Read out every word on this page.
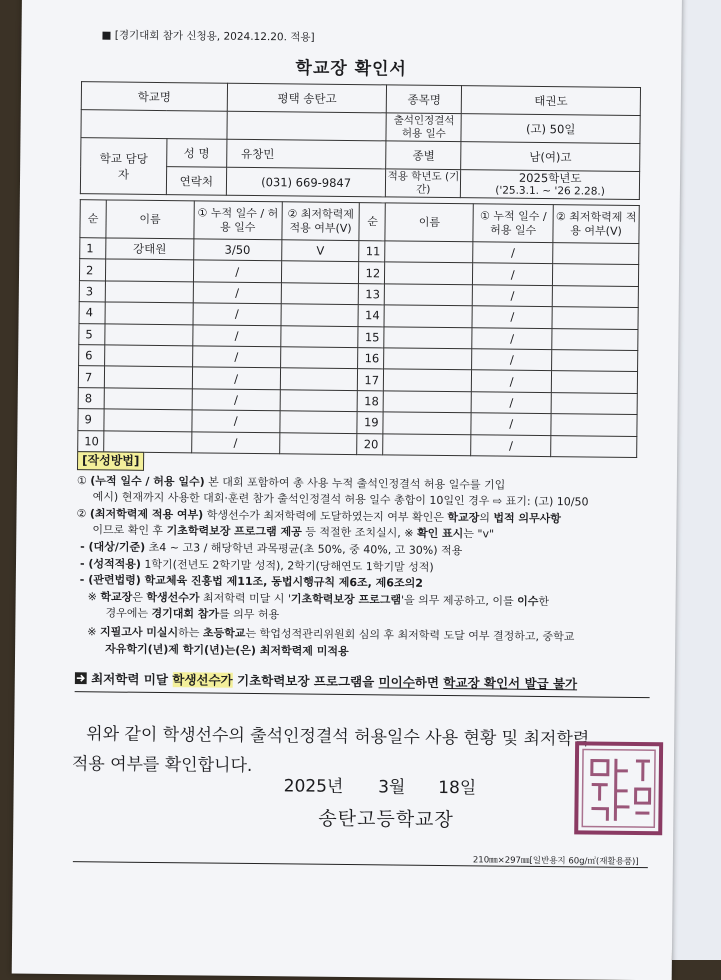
■ [경기대회 참가 신청용, 2024.12.20. 적용]
학교장 확인서
학교명		평택 송탄고	종목명	태권도
			출석인정결석 허용 일수	(고) 50일
학교 담당자	성 명	유창민	종별	남(여)고
	연락처	(031) 669-9847	적용 학년도 (기간)	2025학년도
('25.3.1. ~ '26 2.28.)
순	이름	① 누적 일수 / 허용 일수	② 최저학력제 적용 여부(V)	순	이름	① 누적 일수 / 허용 일수	② 최저학력제 적용 여부(V)
1	강태원	3/50	V	11		/	
2		/		12		/	
3		/		13		/	
4		/		14		/	
5		/		15		/	
6		/		16		/	
7		/		17		/	
8		/		18		/	
9		/		19		/	
10		/		20		/	
[작성방법]
① (누적 일수 / 허용 일수) 본 대회 포함하여 총 사용 누적 출석인정결석 허용 일수를 기입
예시) 현재까지 사용한 대회·훈련 참가 출석인정결석 허용 일수 총합이 10일인 경우 ⇨ 표기: (고) 10/50
② (최저학력제 적용 여부) 학생선수가 최저학력에 도달하였는지 여부 확인은 학교장의 법적 의무사항
이므로 확인 후 기초학력보장 프로그램 제공 등 적절한 조치실시, ※ 확인 표시는 "v"
- (대상/기준) 초4 ~ 고3 / 해당학년 과목평균(초 50%, 중 40%, 고 30%) 적용
- (성적적용) 1학기(전년도 2학기말 성적), 2학기(당해연도 1학기말 성적)
- (관련법령) 학교체육 진흥법 제11조, 동법시행규칙 제6조, 제6조의2
※ 학교장은 학생선수가 최저학력 미달 시 '기초학력보장 프로그램'을 의무 제공하고, 이를 이수한
경우에는 경기대회 참가를 의무 허용
※ 지필고사 미실시하는 초등학교는 학업성적관리위원회 심의 후 최저학력 도달 여부 결정하고, 중학교
자유학기(년)제 학기(년)는(은) 최저학력제 미적용
최저학력 미달 학생선수가 기초학력보장 프로그램을 미이수하면 학교장 확인서 발급 불가
위와 같이 학생선수의 출석인정결석 허용일수 사용 현황 및 최저학력
적용 여부를 확인합니다.
2025년 3월 18일
송탄고등학교장
210㎜×297㎜[일반용지 60g/㎡(재활용품)]
